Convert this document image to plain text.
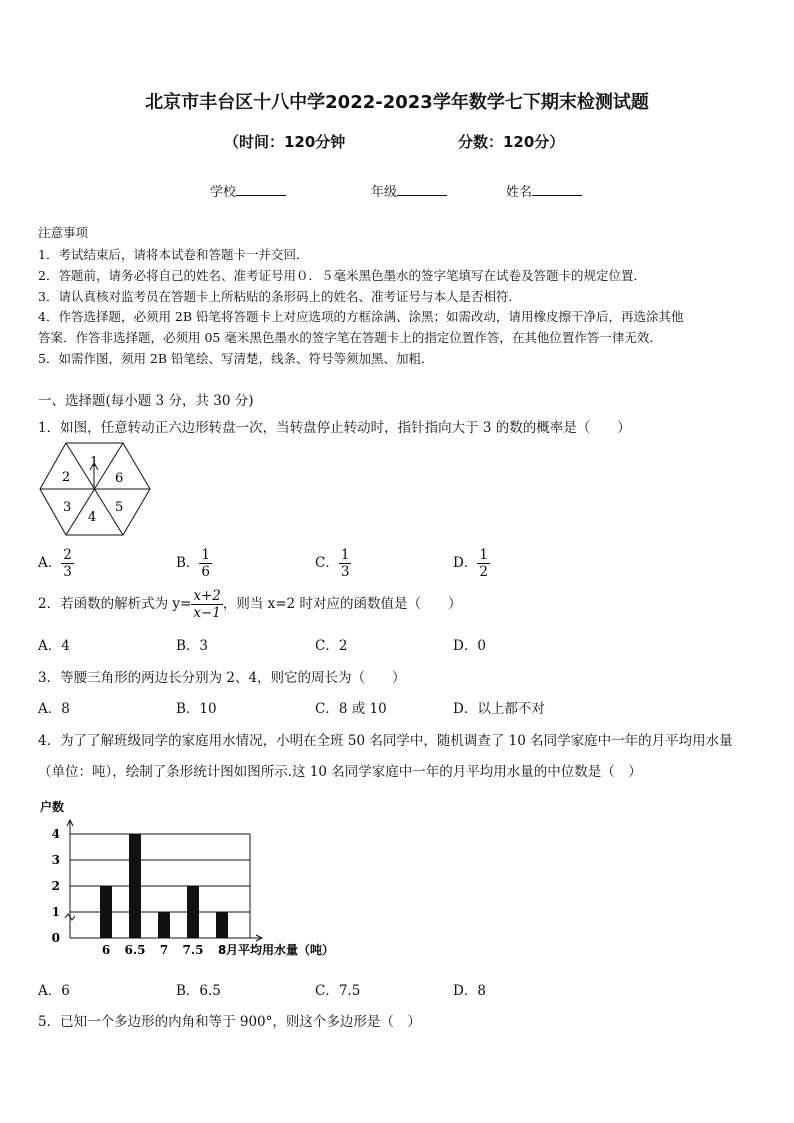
北京市丰台区十八中学2022-2023学年数学七下期末检测试题
（时间：120分钟	分数：120分）
学校	年级	姓名
注意事项
1．考试结束后，请将本试卷和答题卡一并交回．
2．答题前，请务必将自己的姓名、准考证号用０．５毫米黑色墨水的签字笔填写在试卷及答题卡的规定位置．
3．请认真核对监考员在答题卡上所粘贴的条形码上的姓名、准考证号与本人是否相符．
4．作答选择题，必须用 2B 铅笔将答题卡上对应选项的方框涂满、涂黑；如需改动，请用橡皮擦干净后，再选涂其他
答案．作答非选择题，必须用 05 毫米黑色墨水的签字笔在答题卡上的指定位置作答，在其他位置作答一律无效．
5．如需作图，须用 2B 铅笔绘、写清楚，线条、符号等须加黑、加粗．
一、选择题(每小题 3 分，共 30 分)
1．如图，任意转动正六边形转盘一次，当转盘停止转动时，指针指向大于 3 的数的概率是（　　）
1
6
5
4
3
2
A． $\frac{2}{3}$	B． $\frac{1}{6}$	C． $\frac{1}{3}$	D． $\frac{1}{2}$
2．若函数的解析式为 $y= \frac{x+2}{x-1}$ ，则当 x=2 时对应的函数值是（　　）
A．4	B．3	C．2	D．0
3．等腰三角形的两边长分别为 2、4，则它的周长为（　　）
A．8	B．10	C．8 或 10	D．以上都不对
4．为了了解班级同学的家庭用水情况，小明在全班 50 名同学中，随机调查了 10 名同学家庭中一年的月平均用水量
（单位：吨），绘制了条形统计图如图所示.这 10 名同学家庭中一年的月平均用水量的中位数是（　）
0
1
2
3
4
户数
6 6.5 7 7.5 8 月平均用水量（吨）
A．6	B．6.5	C．7.5	D．8
5．已知一个多边形的内角和等于 900°，则这个多边形是（　）
